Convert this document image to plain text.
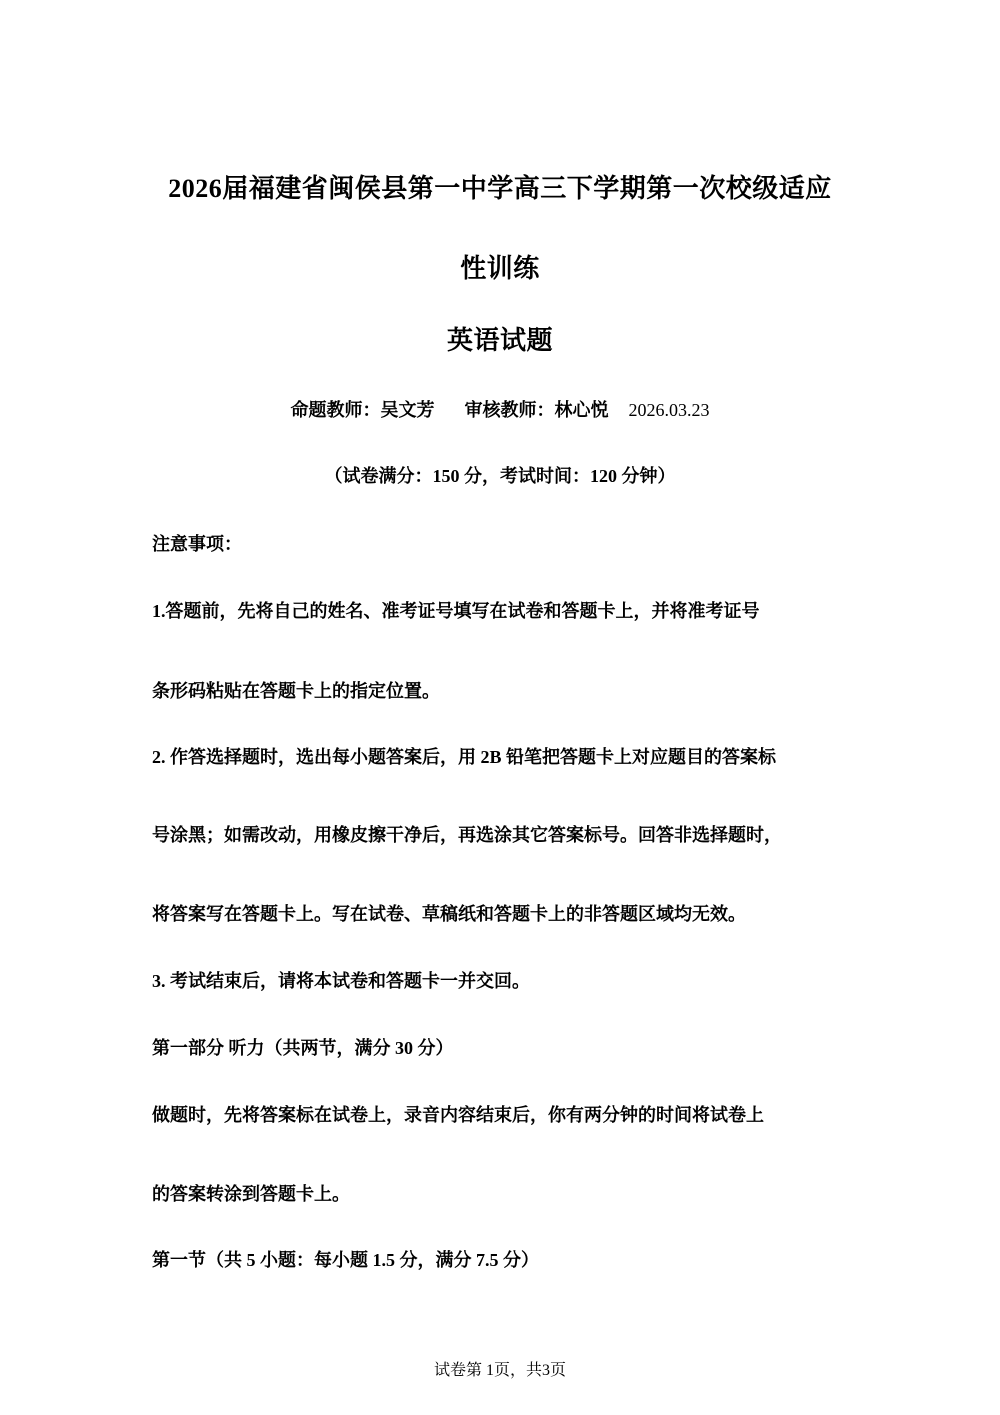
2026届福建省闽侯县第一中学高三下学期第一次校级适应
性训练
英语试题
命题教师：吴文芳 审核教师：林心悦 2026.03.23
（试卷满分：150 分，考试时间：120 分钟）
注意事项：
1.答题前，先将自己的姓名、准考证号填写在试卷和答题卡上，并将准考证号
条形码粘贴在答题卡上的指定位置。
2. 作答选择题时，选出每小题答案后，用 2B 铅笔把答题卡上对应题目的答案标
号涂黑；如需改动，用橡皮擦干净后，再选涂其它答案标号。回答非选择题时，
将答案写在答题卡上。写在试卷、草稿纸和答题卡上的非答题区域均无效。
3. 考试结束后，请将本试卷和答题卡一并交回。
第一部分 听力（共两节，满分 30 分）
做题时，先将答案标在试卷上，录音内容结束后，你有两分钟的时间将试卷上
的答案转涂到答题卡上。
第一节（共 5 小题：每小题 1.5 分，满分 7.5 分）
试卷第 1页，共3页
